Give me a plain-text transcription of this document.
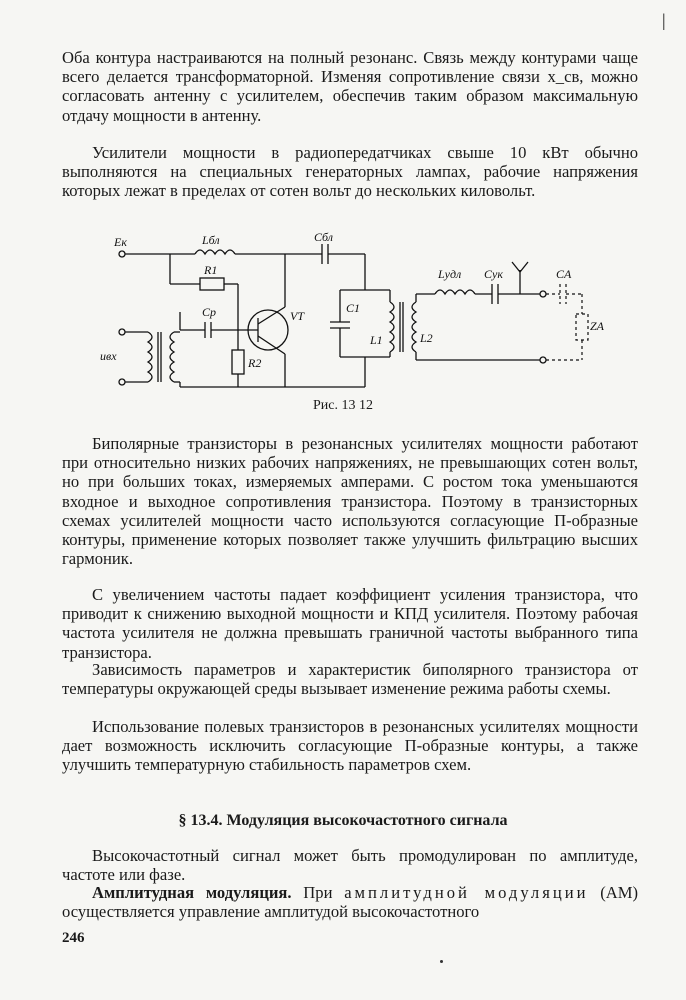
|

Оба контура настраиваются на полный резонанс. Связь между контурами чаще всего делается трансформаторной. Изменяя сопротивление связи x_св, можно согласовать антенну с усилителем, обеспечив таким образом максимальную отдачу мощности в антенну.

Усилители мощности в радиопередатчиках свыше 10 кВт обычно выполняются на специальных генераторных лампах, рабочие напряжения которых лежат в пределах от сотен вольт до нескольких киловольт.

Eк	Lбл	Cбл
R1
Cp	VT
R2
uвх
C1
L1	L2
Lудл Cук	CA
ZA
Рис. 13 12

Биполярные транзисторы в резонансных усилителях мощности работают при относительно низких рабочих напряжениях, не превышающих сотен вольт, но при больших токах, измеряемых амперами. С ростом тока уменьшаются входное и выходное сопротивления транзистора. Поэтому в транзисторных схемах усилителей мощности часто используются согласующие П-образные контуры, применение которых позволяет также улучшить фильтрацию высших гармоник.

С увеличением частоты падает коэффициент усиления транзистора, что приводит к снижению выходной мощности и КПД усилителя. Поэтому рабочая частота усилителя не должна превышать граничной частоты выбранного типа транзистора.

Зависимость параметров и характеристик биполярного транзистора от температуры окружающей среды вызывает изменение режима работы схемы.

Использование полевых транзисторов в резонансных усилителях мощности дает возможность исключить согласующие П-образные контуры, а также улучшить температурную стабильность параметров схем.

§ 13.4. Модуляция высокочастотного сигнала

Высокочастотный сигнал может быть промодулирован по амплитуде, частоте или фазе.

Амплитудная модуляция. При амплитудной модуляции (АМ) осуществляется управление амплитудой высокочастотного

246
